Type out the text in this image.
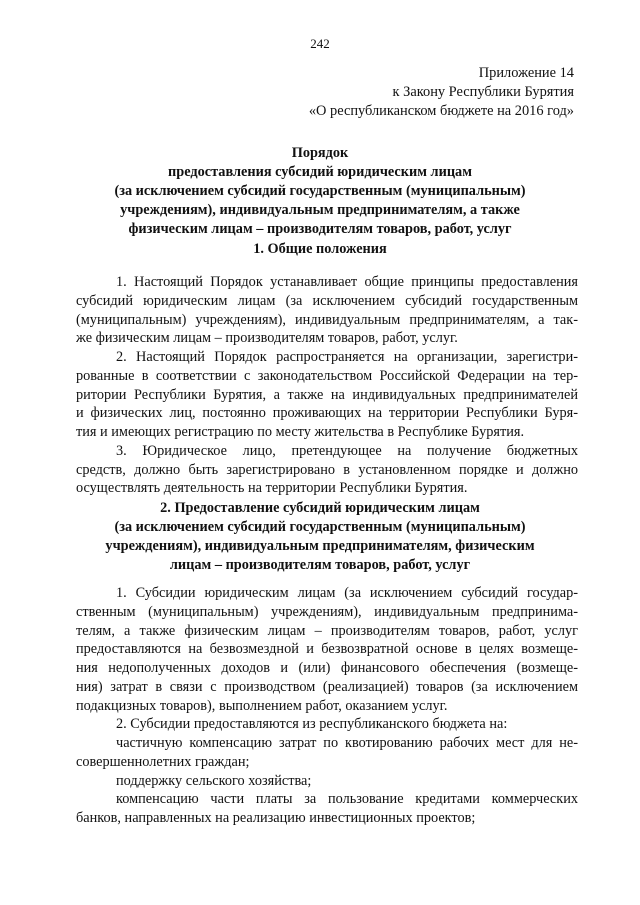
242
Приложение 14
к Закону Республики Бурятия
«О республиканском бюджете на 2016 год»
Порядок
предоставления субсидий юридическим лицам
(за исключением субсидий государственным (муниципальным)
учреждениям), индивидуальным предпринимателям, а также
физическим лицам – производителям товаров, работ, услуг
1. Общие положения
1. Настоящий Порядок устанавливает общие принципы предоставления
субсидий юридическим лицам (за исключением субсидий государственным
(муниципальным) учреждениям), индивидуальным предпринимателям, а так-
же физическим лицам – производителям товаров, работ, услуг.
2. Настоящий Порядок распространяется на организации, зарегистри-
рованные в соответствии с законодательством Российской Федерации на тер-
ритории Республики Бурятия, а также на индивидуальных предпринимателей
и физических лиц, постоянно проживающих на территории Республики Буря-
тия и имеющих регистрацию по месту жительства в Республике Бурятия.
3. Юридическое лицо, претендующее на получение бюджетных
средств, должно быть зарегистрировано в установленном порядке и должно
осуществлять деятельность на территории Республики Бурятия.
2. Предоставление субсидий юридическим лицам
(за исключением субсидий государственным (муниципальным)
учреждениям), индивидуальным предпринимателям, физическим
лицам – производителям товаров, работ, услуг
1. Субсидии юридическим лицам (за исключением субсидий государ-
ственным (муниципальным) учреждениям), индивидуальным предпринима-
телям, а также физическим лицам – производителям товаров, работ, услуг
предоставляются на безвозмездной и безвозвратной основе в целях возмеще-
ния недополученных доходов и (или) финансового обеспечения (возмеще-
ния) затрат в связи с производством (реализацией) товаров (за исключением
подакцизных товаров), выполнением работ, оказанием услуг.
2. Субсидии предоставляются из республиканского бюджета на:
частичную компенсацию затрат по квотированию рабочих мест для не-
совершеннолетних граждан;
поддержку сельского хозяйства;
компенсацию части платы за пользование кредитами коммерческих
банков, направленных на реализацию инвестиционных проектов;
